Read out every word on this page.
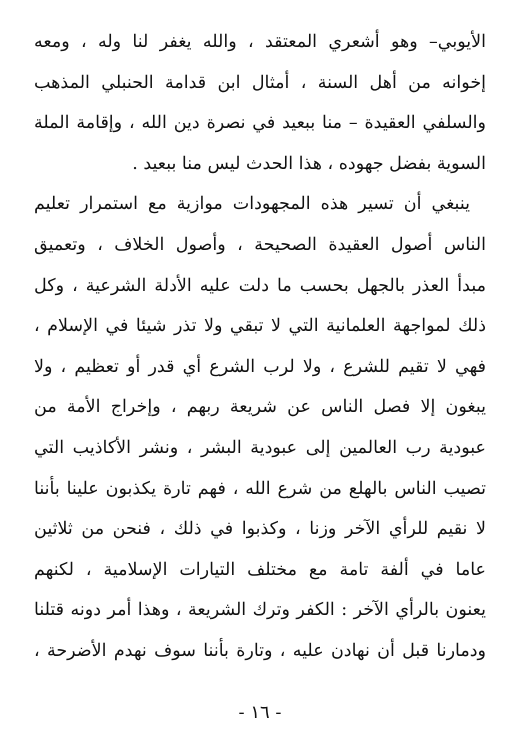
الأيوبي– وهو أشعري المعتقد ، والله يغفر لنا وله ، ومعه
إخوانه من أهل السنة ، أمثال ابن قدامة الحنبلي المذهب
والسلفي العقيدة – منا ببعيد في نصرة دين الله ، وإقامة الملة
السوية بفضل جهوده ، هذا الحدث ليس منا ببعيد .
ينبغي أن تسير هذه المجهودات موازية مع استمرار تعليم
الناس أصول العقيدة الصحيحة ، وأصول الخلاف ، وتعميق
مبدأ العذر بالجهل بحسب ما دلت عليه الأدلة الشرعية ، وكل
ذلك لمواجهة العلمانية التي لا تبقي ولا تذر شيئا في الإسلام ،
فهي لا تقيم للشرع ، ولا لرب الشرع أي قدر أو تعظيم ، ولا
يبغون إلا فصل الناس عن شريعة ربهم ، وإخراج الأمة من
عبودية رب العالمين إلى عبودية البشر ، ونشر الأكاذيب التي
تصيب الناس بالهلع من شرع الله ، فهم تارة يكذبون علينا بأننا
لا نقيم للرأي الآخر وزنا ، وكذبوا في ذلك ، فنحن من ثلاثين
عاما في ألفة تامة مع مختلف التيارات الإسلامية ، لكنهم
يعنون بالرأي الآخر : الكفر وترك الشريعة ، وهذا أمر دونه قتلنا
ودمارنا قبل أن نهادن عليه ، وتارة بأننا سوف نهدم الأضرحة ،
- ١٦ -
